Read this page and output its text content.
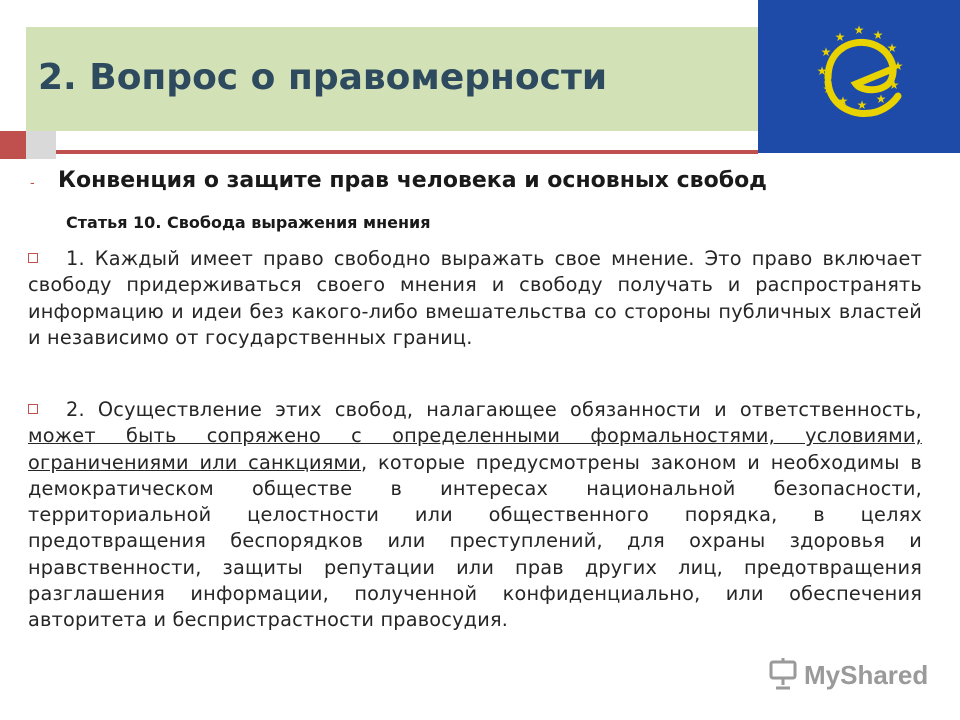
2. Вопрос о правомерности
★ ★
★
★
★
★
★
★
★
★
★
★
- Конвенция о защите прав человека и основных свобод
Статья 10. Свобода выражения мнения
1. Каждый имеет право свободно выражать свое мнение. Это право включает свободу придерживаться своего мнения и свободу получать и распространять информацию и идеи без какого-либо вмешательства со стороны публичных властей и независимо от государственных границ.
2. Осуществление этих свобод, налагающее обязанности и ответственность, может быть сопряжено с определенными формальностями, условиями, ограничениями или санкциями, которые предусмотрены законом и необходимы в демократическом обществе в интересах национальной безопасности, территориальной целостности или общественного порядка, в целях предотвращения беспорядков или преступлений, для охраны здоровья и нравственности, защиты репутации или прав других лиц, предотвращения разглашения информации, полученной конфиденциально, или обеспечения авторитета и беспристрастности правосудия.
MyShared
